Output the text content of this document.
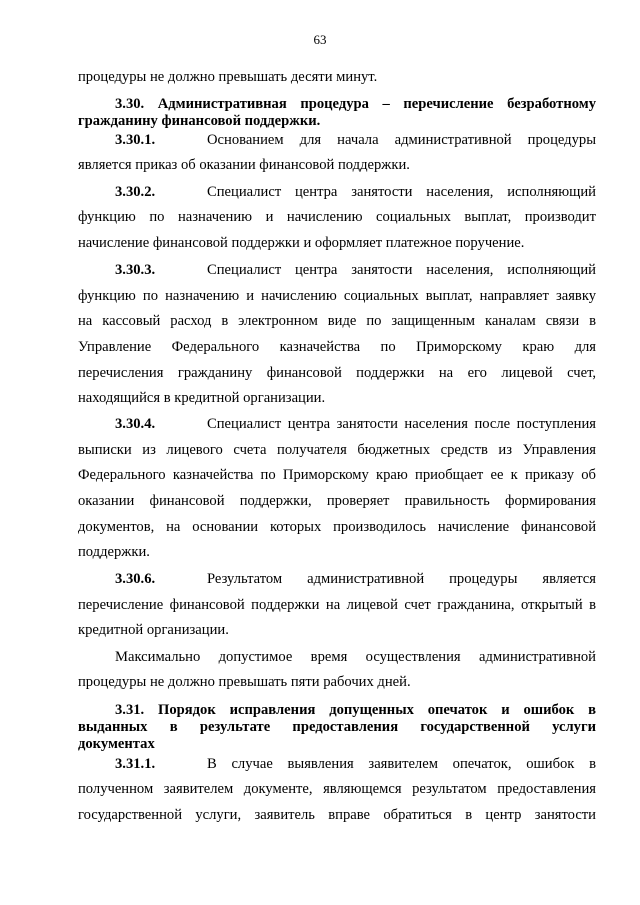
63
процедуры не должно превышать десяти минут.
3.30. Административная процедура – перечисление безработному
гражданину финансовой поддержки.
3.30.1.	Основанием для начала административной процедуры
является приказ об оказании финансовой поддержки.
3.30.2.	Специалист центра занятости населения, исполняющий
функцию по назначению и начислению социальных выплат, производит
начисление финансовой поддержки и оформляет платежное поручение.
3.30.3.	Специалист центра занятости населения, исполняющий
функцию по назначению и начислению социальных выплат, направляет заявку
на кассовый расход в электронном виде по защищенным каналам связи в
Управление Федерального казначейства по Приморскому краю для
перечисления гражданину финансовой поддержки на его лицевой счет,
находящийся в кредитной организации.
3.30.4.	Специалист центра занятости населения после поступления
выписки из лицевого счета получателя бюджетных средств из Управления
Федерального казначейства по Приморскому краю приобщает ее к приказу об
оказании финансовой поддержки, проверяет правильность формирования
документов, на основании которых производилось начисление финансовой
поддержки.
3.30.6.	Результатом административной процедуры является
перечисление финансовой поддержки на лицевой счет гражданина, открытый в
кредитной организации.
Максимально допустимое время осуществления административной
процедуры не должно превышать пяти рабочих дней.
3.31. Порядок исправления допущенных опечаток и ошибок в
выданных в результате предоставления государственной услуги
документах
3.31.1.	В случае выявления заявителем опечаток, ошибок в
полученном заявителем документе, являющемся результатом предоставления
государственной услуги, заявитель вправе обратиться в центр занятости
